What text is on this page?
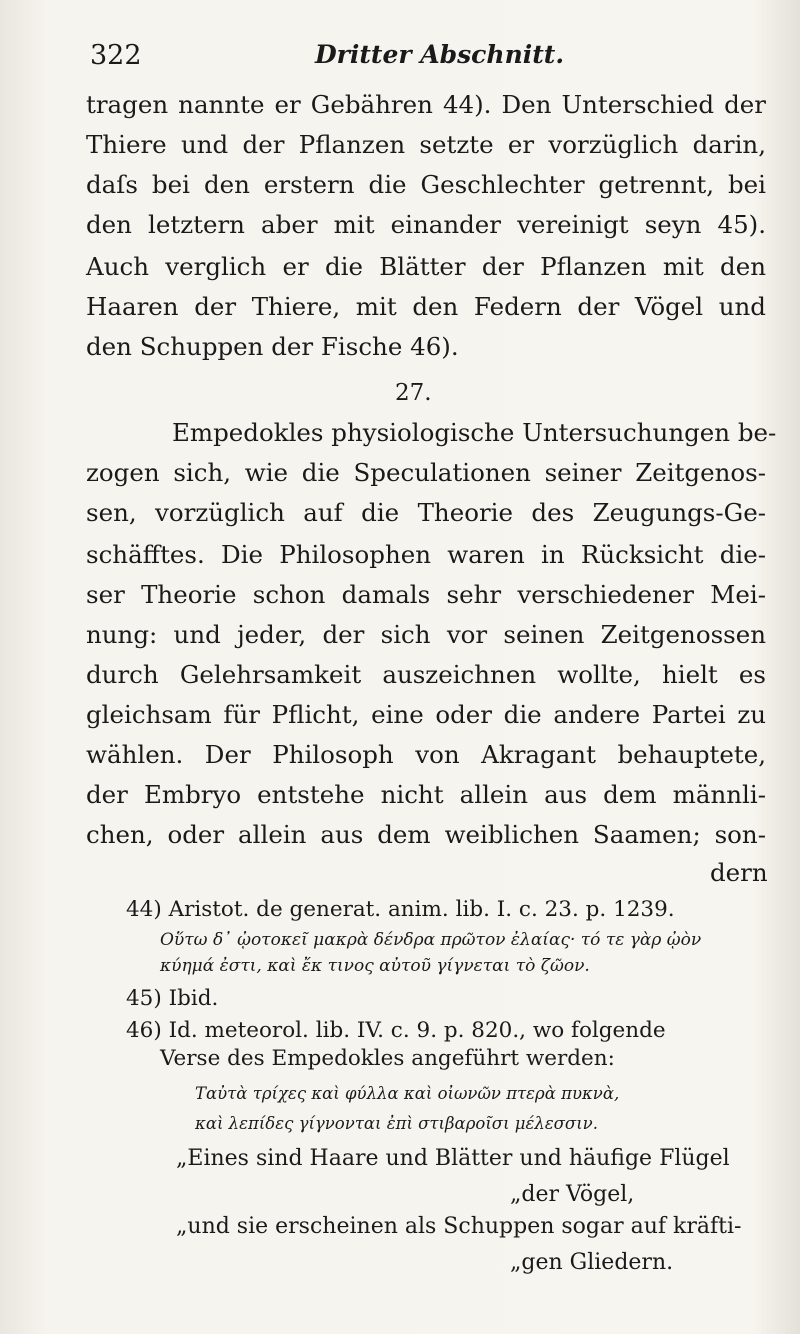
322	Dritter Abschnitt.
tragen nannte er Gebähren 44). Den Unterschied der
Thiere und der Pflanzen setzte er vorzüglich darin,
daſs bei den erstern die Geschlechter getrennt, bei
den letztern aber mit einander vereinigt seyn 45).
Auch verglich er die Blätter der Pflanzen mit den
Haaren der Thiere, mit den Federn der Vögel und
den Schuppen der Fische 46).
27.
Empedokles physiologische Untersuchungen be-
zogen sich, wie die Speculationen seiner Zeitgenos-
sen, vorzüglich auf die Theorie des Zeugungs-Ge-
schäfftes. Die Philosophen waren in Rücksicht die-
ser Theorie schon damals sehr verschiedener Mei-
nung: und jeder, der sich vor seinen Zeitgenossen
durch Gelehrsamkeit auszeichnen wollte, hielt es
gleichsam für Pflicht, eine oder die andere Partei zu
wählen. Der Philosoph von Akragant behauptete,
der Embryo entstehe nicht allein aus dem männli-
chen, oder allein aus dem weiblichen Saamen; son-
dern
44) Aristot. de generat. anim. lib. I. c. 23. p. 1239.
Οὕτω δ᾿ ᾠοτοκεῖ μακρὰ δένδρα πρῶτον ἐλαίας· τό τε γὰρ ᾠὸν
κύημά ἐστι, καὶ ἔκ τινος αὐτοῦ γίγνεται τὸ ζῶον.
45) Ibid.
46) Id. meteorol. lib. IV. c. 9. p. 820., wo folgende
Verse des Empedokles angeführt werden:
Ταὐτὰ τρίχες καὶ φύλλα καὶ οἰωνῶν πτερὰ πυκνὰ,
καὶ λεπίδες γίγνονται ἐπὶ στιβαροῖσι μέλεσσιν.
„Eines sind Haare und Blätter und häufige Flügel
„der Vögel,
„und sie erscheinen als Schuppen sogar auf kräfti-
„gen Gliedern.
